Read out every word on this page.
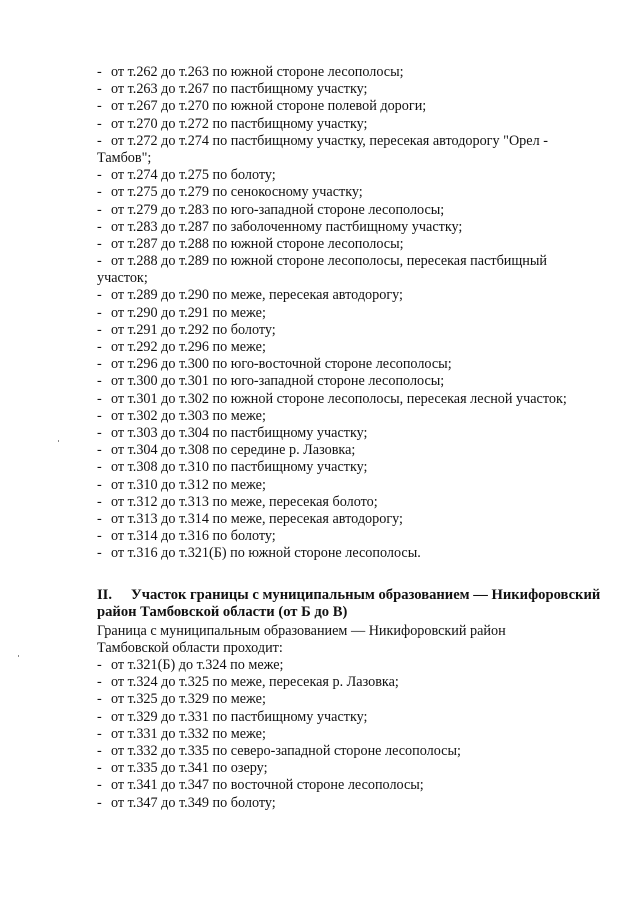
- от т.262 до т.263 по южной стороне лесополосы;
- от т.263 до т.267 по пастбищному участку;
- от т.267 до т.270 по южной стороне полевой дороги;
- от т.270 до т.272 по пастбищному участку;
- от т.272 до т.274 по пастбищному участку, пересекая автодорогу "Орел -
Тамбов";
- от т.274 до т.275 по болоту;
- от т.275 до т.279 по сенокосному участку;
- от т.279 до т.283 по юго-западной стороне лесополосы;
- от т.283 до т.287 по заболоченному пастбищному участку;
- от т.287 до т.288 по южной стороне лесополосы;
- от т.288 до т.289 по южной стороне лесополосы, пересекая пастбищный
участок;
- от т.289 до т.290 по меже, пересекая автодорогу;
- от т.290 до т.291 по меже;
- от т.291 до т.292 по болоту;
- от т.292 до т.296 по меже;
- от т.296 до т.300 по юго-восточной стороне лесополосы;
- от т.300 до т.301 по юго-западной стороне лесополосы;
- от т.301 до т.302 по южной стороне лесополосы, пересекая лесной участок;
- от т.302 до т.303 по меже;
- от т.303 до т.304 по пастбищному участку;
- от т.304 до т.308 по середине р. Лазовка;
- от т.308 до т.310 по пастбищному участку;
- от т.310 до т.312 по меже;
- от т.312 до т.313 по меже, пересекая болото;
- от т.313 до т.314 по меже, пересекая автодорогу;
- от т.314 до т.316 по болоту;
- от т.316 до т.321(Б) по южной стороне лесополосы.
II. Участок границы с муниципальным образованием — Никифоровский
район Тамбовской области (от Б до В)
Граница с муниципальным образованием — Никифоровский район
Тамбовской области проходит:
- от т.321(Б) до т.324 по меже;
- от т.324 до т.325 по меже, пересекая р. Лазовка;
- от т.325 до т.329 по меже;
- от т.329 до т.331 по пастбищному участку;
- от т.331 до т.332 по меже;
- от т.332 до т.335 по северо-западной стороне лесополосы;
- от т.335 до т.341 по озеру;
- от т.341 до т.347 по восточной стороне лесополосы;
- от т.347 до т.349 по болоту;
